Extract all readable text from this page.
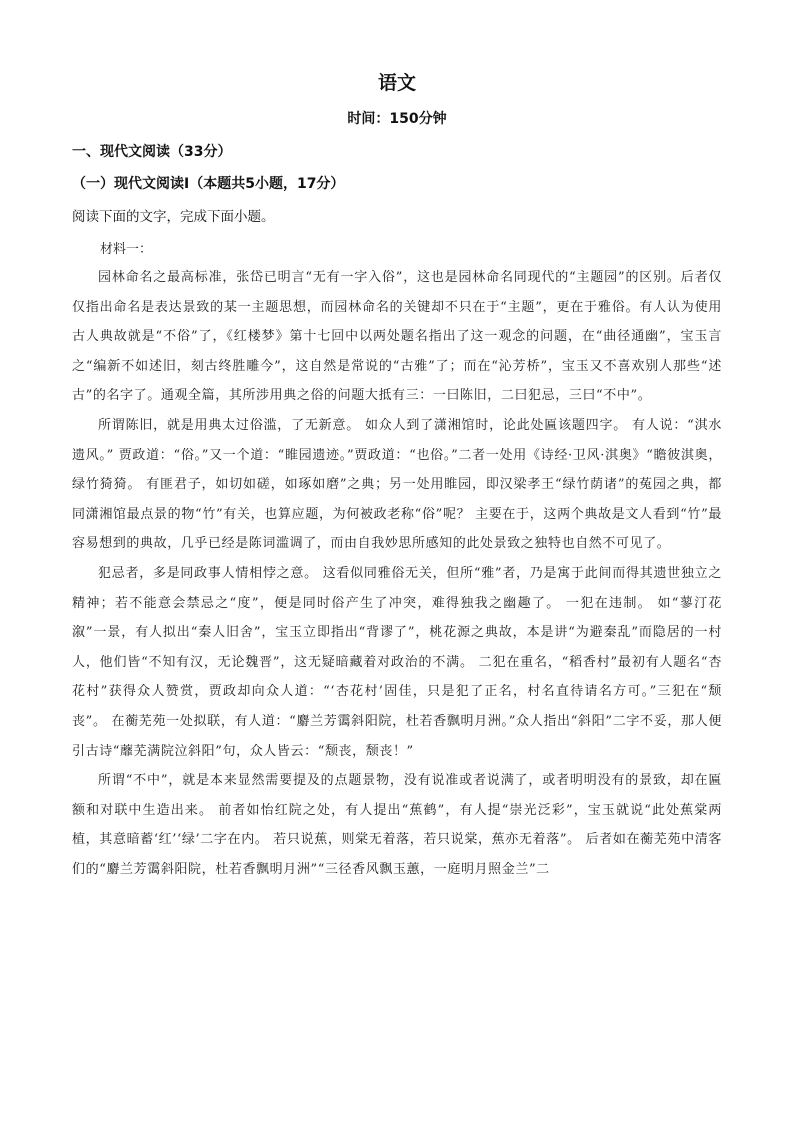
语文
时间：150分钟
一、现代文阅读（33分）
（一）现代文阅读Ⅰ（本题共5小题，17分）
阅读下面的文字，完成下面小题。
材料一：

园林命名之最高标准，张岱已明言“无有一字入俗”，这也是园林命名同现代的“主题园”的区别。后者仅仅指出命名是表达景致的某一主题思想，而园林命名的关键却不只在于“主题”，更在于雅俗。有人认为使用古人典故就是“不俗”了，《红楼梦》第十七回中以两处题名指出了这一观念的问题，在“曲径通幽”，宝玉言之“编新不如述旧，刻古终胜雕今”，这自然是常说的“古雅”了；而在“沁芳桥”，宝玉又不喜欢别人那些“述古”的名字了。通观全篇，其所涉用典之俗的问题大抵有三：一曰陈旧，二曰犯忌，三曰“不中”。

所谓陈旧，就是用典太过俗滥，了无新意。 如众人到了潇湘馆时，论此处匾该题四字。 有人说：“淇水遗风。” 贾政道：“俗。”又一个道：“睢园遗迹。”贾政道：“也俗。”二者一处用《诗经·卫风·淇奥》“瞻彼淇奥，绿竹猗猗。 有匪君子，如切如磋，如琢如磨”之典；另一处用睢园，即汉梁孝王“绿竹荫诸”的菟园之典，都同潇湘馆最点景的物“竹”有关，也算应题，为何被政老称“俗”呢？ 主要在于，这两个典故是文人看到“竹”最容易想到的典故，几乎已经是陈词滥调了，而由自我妙思所感知的此处景致之独特也自然不可见了。

犯忌者，多是同政事人情相悖之意。 这看似同雅俗无关，但所“雅”者，乃是寓于此间而得其遗世独立之精神；若不能意会禁忌之“度”，便是同时俗产生了冲突，难得独我之幽趣了。 一犯在违制。 如“蓼汀花溆”一景，有人拟出“秦人旧舍”，宝玉立即指出“背谬了”，桃花源之典故，本是讲“为避秦乱”而隐居的一村人，他们皆“不知有汉，无论魏晋”，这无疑暗藏着对政治的不满。 二犯在重名，“稻香村”最初有人题名“杏花村”获得众人赞赏，贾政却向众人道：“‘杏花村’固佳，只是犯了正名，村名直待请名方可。”三犯在“颓丧”。 在蘅芜苑一处拟联，有人道：“麝兰芳霭斜阳院，杜若香飘明月洲。”众人指出“斜阳”二字不妥，那人便引古诗“蘼芜满院泣斜阳”句，众人皆云：“颓丧，颓丧！”

所谓“不中”，就是本来显然需要提及的点题景物，没有说准或者说满了，或者明明没有的景致，却在匾额和对联中生造出来。 前者如怡红院之处，有人提出“蕉鹤”，有人提“崇光泛彩”，宝玉就说“此处蕉棠两植，其意暗蓄‘红’‘绿’二字在内。 若只说蕉，则棠无着落，若只说棠，蕉亦无着落”。 后者如在蘅芜苑中清客们的“麝兰芳霭斜阳院，杜若香飘明月洲”“三径香风飘玉蕙，一庭明月照金兰”二
